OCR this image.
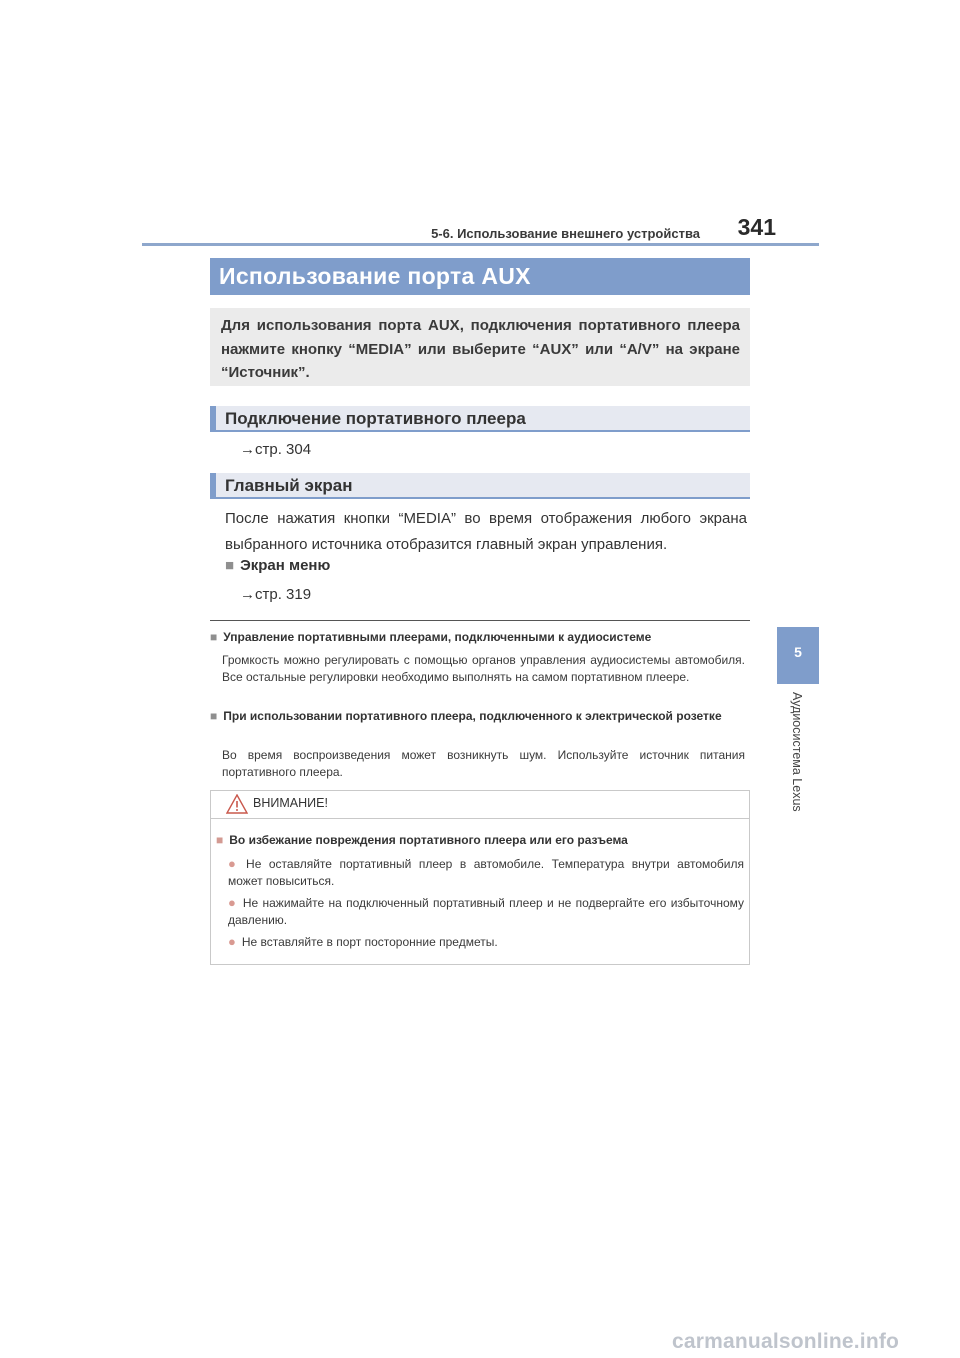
5-6. Использование внешнего устройства	341
5
Аудиосистема Lexus
Использование порта AUX
Для использования порта AUX, подключения портативного плеера нажмите кнопку “MEDIA” или выберите “AUX” или “A/V” на экране “Источник”.
Подключение портативного плеера
→стр. 304
Главный экран
После нажатия кнопки “MEDIA” во время отображения любого экрана выбранного источника отобразится главный экран управления.
■ Экран меню
→стр. 319
■ Управление портативными плеерами, подключенными к аудиосистеме
Громкость можно регулировать с помощью органов управления аудиосистемы автомобиля. Все остальные регулировки необходимо выполнять на самом портативном плеере.
■ При использовании портативного плеера, подключенного к электрической розетке
Во время воспроизведения может возникнуть шум. Используйте источник питания портативного плеера.
ВНИМАНИЕ!
■ Во избежание повреждения портативного плеера или его разъема
● Не оставляйте портативный плеер в автомобиле. Температура внутри автомобиля может повыситься.
● Не нажимайте на подключенный портативный плеер и не подвергайте его избыточному давлению.
● Не вставляйте в порт посторонние предметы.
carmanualsonline.info
